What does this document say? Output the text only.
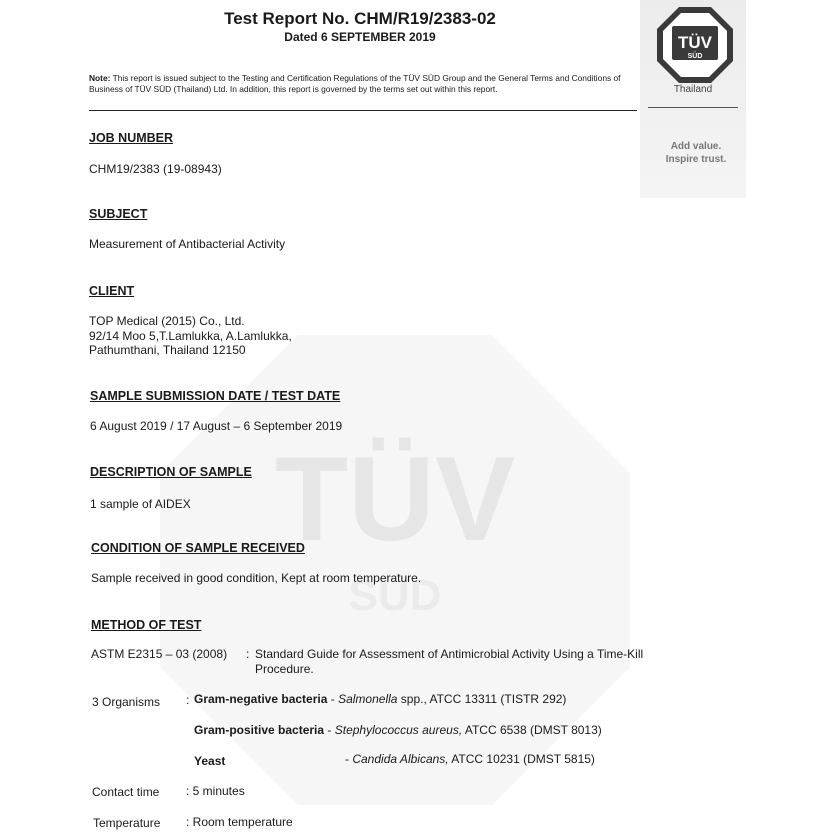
TÜV
SÜD
TÜV
SÜD
Thailand
Add value.
Inspire trust.
Test Report No. CHM/R19/2383-02
Dated 6 SEPTEMBER 2019
Note: This report is issued subject to the Testing and Certification Regulations of the TÜV SÜD Group and the General Terms and Conditions of Business of TÜV SÜD (Thailand) Ltd. In addition, this report is governed by the terms set out within this report.
JOB NUMBER
CHM19/2383 (19-08943)
SUBJECT
Measurement of Antibacterial Activity
CLIENT
TOP Medical (2015) Co., Ltd.
92/14 Moo 5,T.Lamlukka, A.Lamlukka,
Pathumthani, Thailand 12150
SAMPLE SUBMISSION DATE / TEST DATE
6 August 2019 / 17 August – 6 September 2019
DESCRIPTION OF SAMPLE
1 sample of AIDEX
CONDITION OF SAMPLE RECEIVED
Sample received in good condition, Kept at room temperature.
METHOD OF TEST
ASTM E2315 – 03 (2008) : Standard Guide for Assessment of Antimicrobial Activity Using a Time-Kill
Procedure.
3 Organisms : Gram-negative bacteria - Salmonella spp., ATCC 13311 (TISTR 292)
Gram-positive bacteria - Stephylococcus aureus, ATCC 6538 (DMST 8013)
Yeast	- Candida Albicans, ATCC 10231 (DMST 5815)
Contact time : 5 minutes
Temperature : Room temperature
